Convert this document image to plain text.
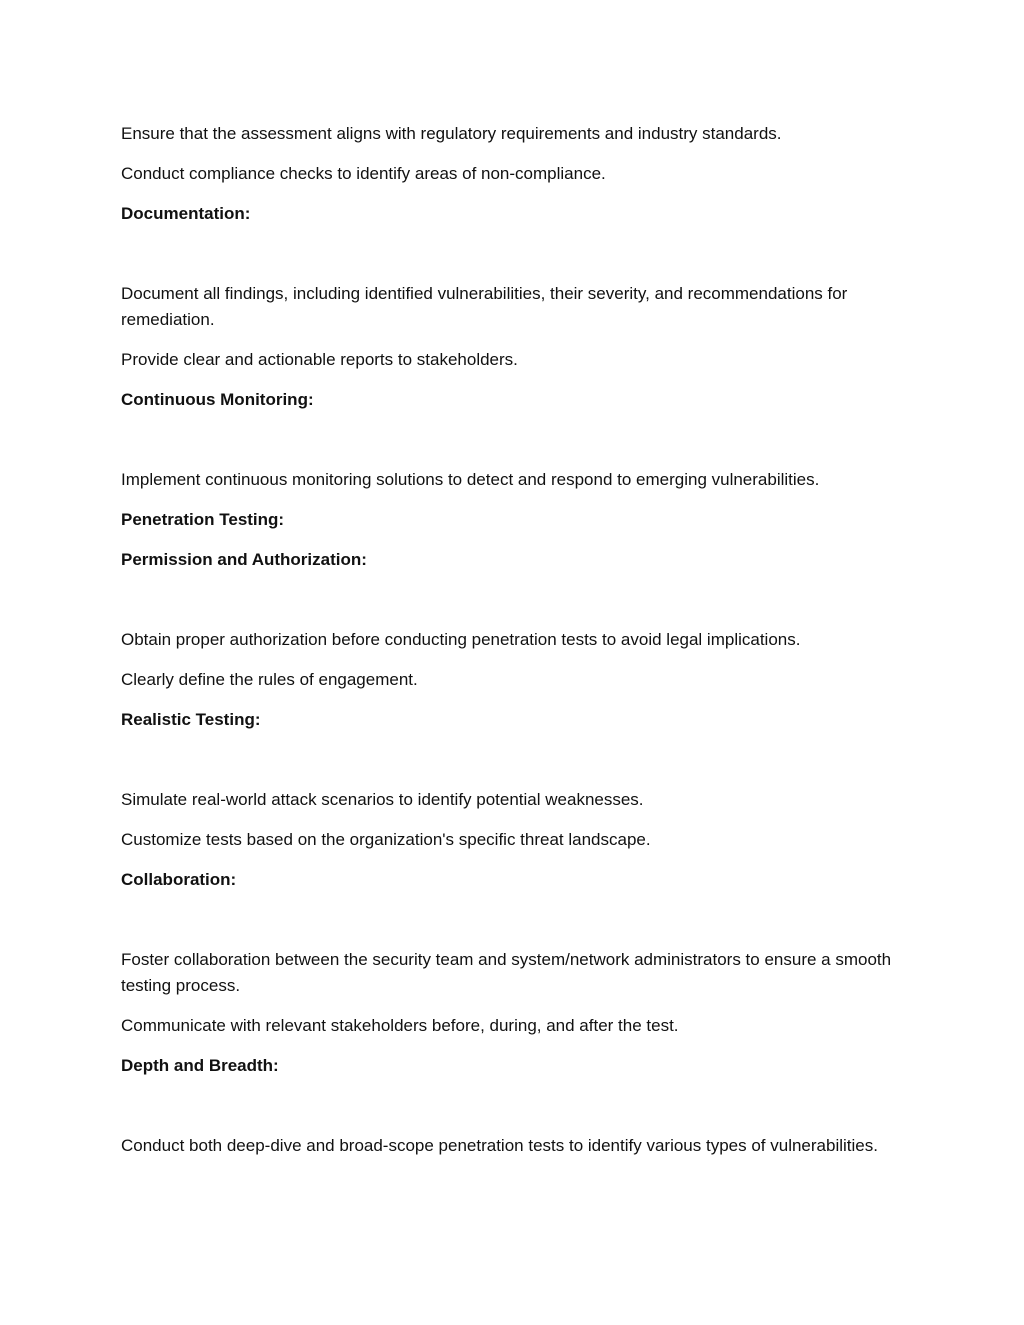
Ensure that the assessment aligns with regulatory requirements and industry standards.

Conduct compliance checks to identify areas of non-compliance.

Documentation:

Document all findings, including identified vulnerabilities, their severity, and recommendations for remediation.

Provide clear and actionable reports to stakeholders.

Continuous Monitoring:

Implement continuous monitoring solutions to detect and respond to emerging vulnerabilities.

Penetration Testing:

Permission and Authorization:

Obtain proper authorization before conducting penetration tests to avoid legal implications.

Clearly define the rules of engagement.

Realistic Testing:

Simulate real-world attack scenarios to identify potential weaknesses.

Customize tests based on the organization's specific threat landscape.

Collaboration:

Foster collaboration between the security team and system/network administrators to ensure a smooth testing process.

Communicate with relevant stakeholders before, during, and after the test.

Depth and Breadth:

Conduct both deep-dive and broad-scope penetration tests to identify various types of vulnerabilities.
